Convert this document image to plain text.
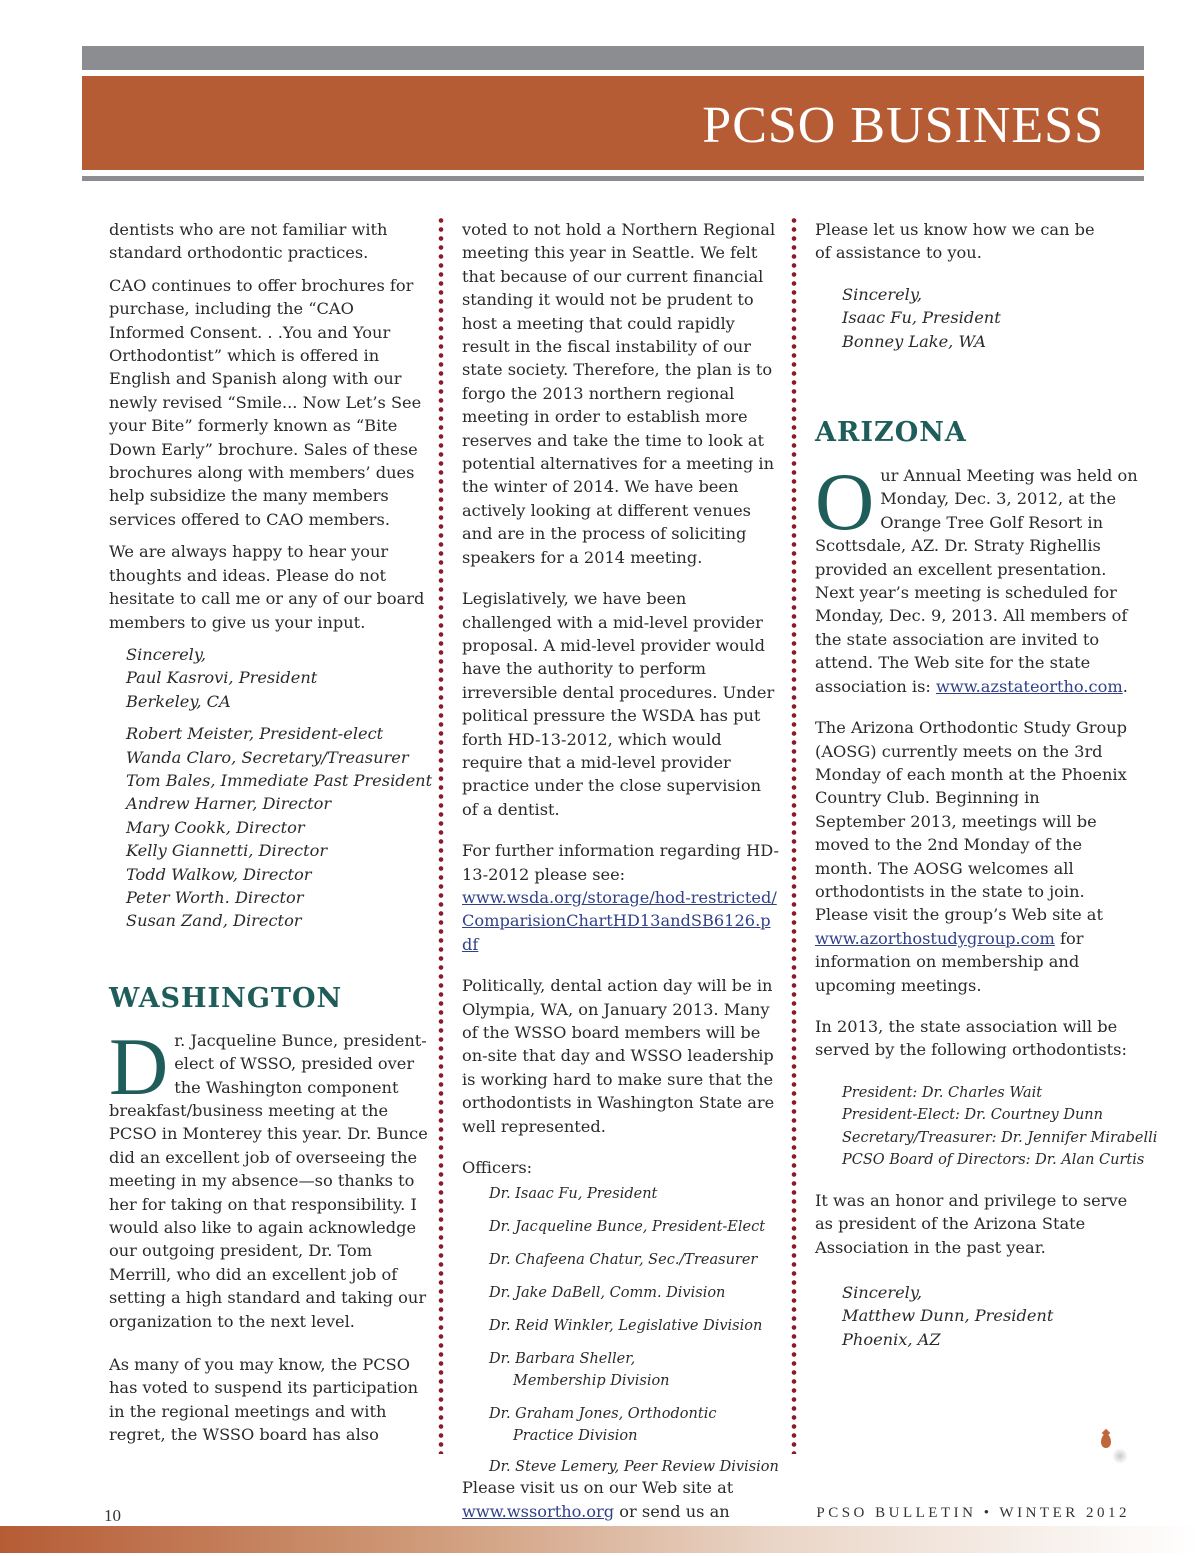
PCSO BUSINESS

dentists who are not familiar with standard orthodontic practices.

CAO continues to offer brochures for purchase, including the “CAO Informed Consent. . .You and Your Orthodontist” which is offered in English and Spanish along with our newly revised “Smile... Now Let’s See your Bite” formerly known as “Bite Down Early” brochure. Sales of these brochures along with members’ dues help subsidize the many members services offered to CAO members.

We are always happy to hear your thoughts and ideas. Please do not hesitate to call me or any of our board members to give us your input.

Sincerely,
Paul Kasrovi, President
Berkeley, CA
Robert Meister, President-elect
Wanda Claro, Secretary/Treasurer
Tom Bales, Immediate Past President
Andrew Harner, Director
Mary Cookk, Director
Kelly Giannetti, Director
Todd Walkow, Director
Peter Worth. Director
Susan Zand, Director
WASHINGTON

Dr. Jacqueline Bunce, president-elect of WSSO, presided over the Washington component breakfast/business meeting at the PCSO in Monterey this year. Dr. Bunce did an excellent job of overseeing the meeting in my absence—so thanks to her for taking on that responsibility. I would also like to again acknowledge our outgoing president, Dr. Tom Merrill, who did an excellent job of setting a high standard and taking our organization to the next level.

As many of you may know, the PCSO has voted to suspend its participation in the regional meetings and with regret, the WSSO board has also

voted to not hold a Northern Regional meeting this year in Seattle. We felt that because of our current financial standing it would not be prudent to host a meeting that could rapidly result in the fiscal instability of our state society. Therefore, the plan is to forgo the 2013 northern regional meeting in order to establish more reserves and take the time to look at potential alternatives for a meeting in the winter of 2014. We have been actively looking at different venues and are in the process of soliciting speakers for a 2014 meeting.

Legislatively, we have been challenged with a mid-level provider proposal. A mid-level provider would have the authority to perform irreversible dental procedures. Under political pressure the WSDA has put forth HD-13-2012, which would require that a mid-level provider practice under the close supervision of a dentist.

For further information regarding HD-13-2012 please see:
www.wsda.org/storage/hod-restricted/ComparisionChartHD13andSB6126.pdf

Politically, dental action day will be in Olympia, WA, on January 2013. Many of the WSSO board members will be on-site that day and WSSO leadership is working hard to make sure that the orthodontists in Washington State are well represented.

Officers:

Dr. Isaac Fu, President
Dr. Jacqueline Bunce, President-Elect
Dr. Chafeena Chatur, Sec./Treasurer
Dr. Jake DaBell, Comm. Division
Dr. Reid Winkler, Legislative Division
Dr. Barbara Sheller,
Membership Division
Dr. Graham Jones, Orthodontic
Practice Division
Dr. Steve Lemery, Peer Review Division

Please visit us on our Web site at
www.wssortho.org or send us an

Please let us know how we can be of assistance to you.

Sincerely,
Isaac Fu, President
Bonney Lake, WA
ARIZONA

Our Annual Meeting was held on Monday, Dec. 3, 2012, at the Orange Tree Golf Resort in Scottsdale, AZ. Dr. Straty Righellis provided an excellent presentation. Next year’s meeting is scheduled for Monday, Dec. 9, 2013. All members of the state association are invited to attend. The Web site for the state association is: www.azstateortho.com.

The Arizona Orthodontic Study Group (AOSG) currently meets on the 3rd Monday of each month at the Phoenix Country Club. Beginning in September 2013, meetings will be moved to the 2nd Monday of the month. The AOSG welcomes all orthodontists in the state to join. Please visit the group’s Web site at www.azorthostudygroup.com for information on membership and upcoming meetings.

In 2013, the state association will be served by the following orthodontists:

President: Dr. Charles Wait
President-Elect: Dr. Courtney Dunn
Secretary/Treasurer: Dr. Jennifer Mirabelli
PCSO Board of Directors: Dr. Alan Curtis

It was an honor and privilege to serve as president of the Arizona State Association in the past year.

Sincerely,
Matthew Dunn, President
Phoenix, AZ
10	PCSO BULLETIN • WINTER 2012
